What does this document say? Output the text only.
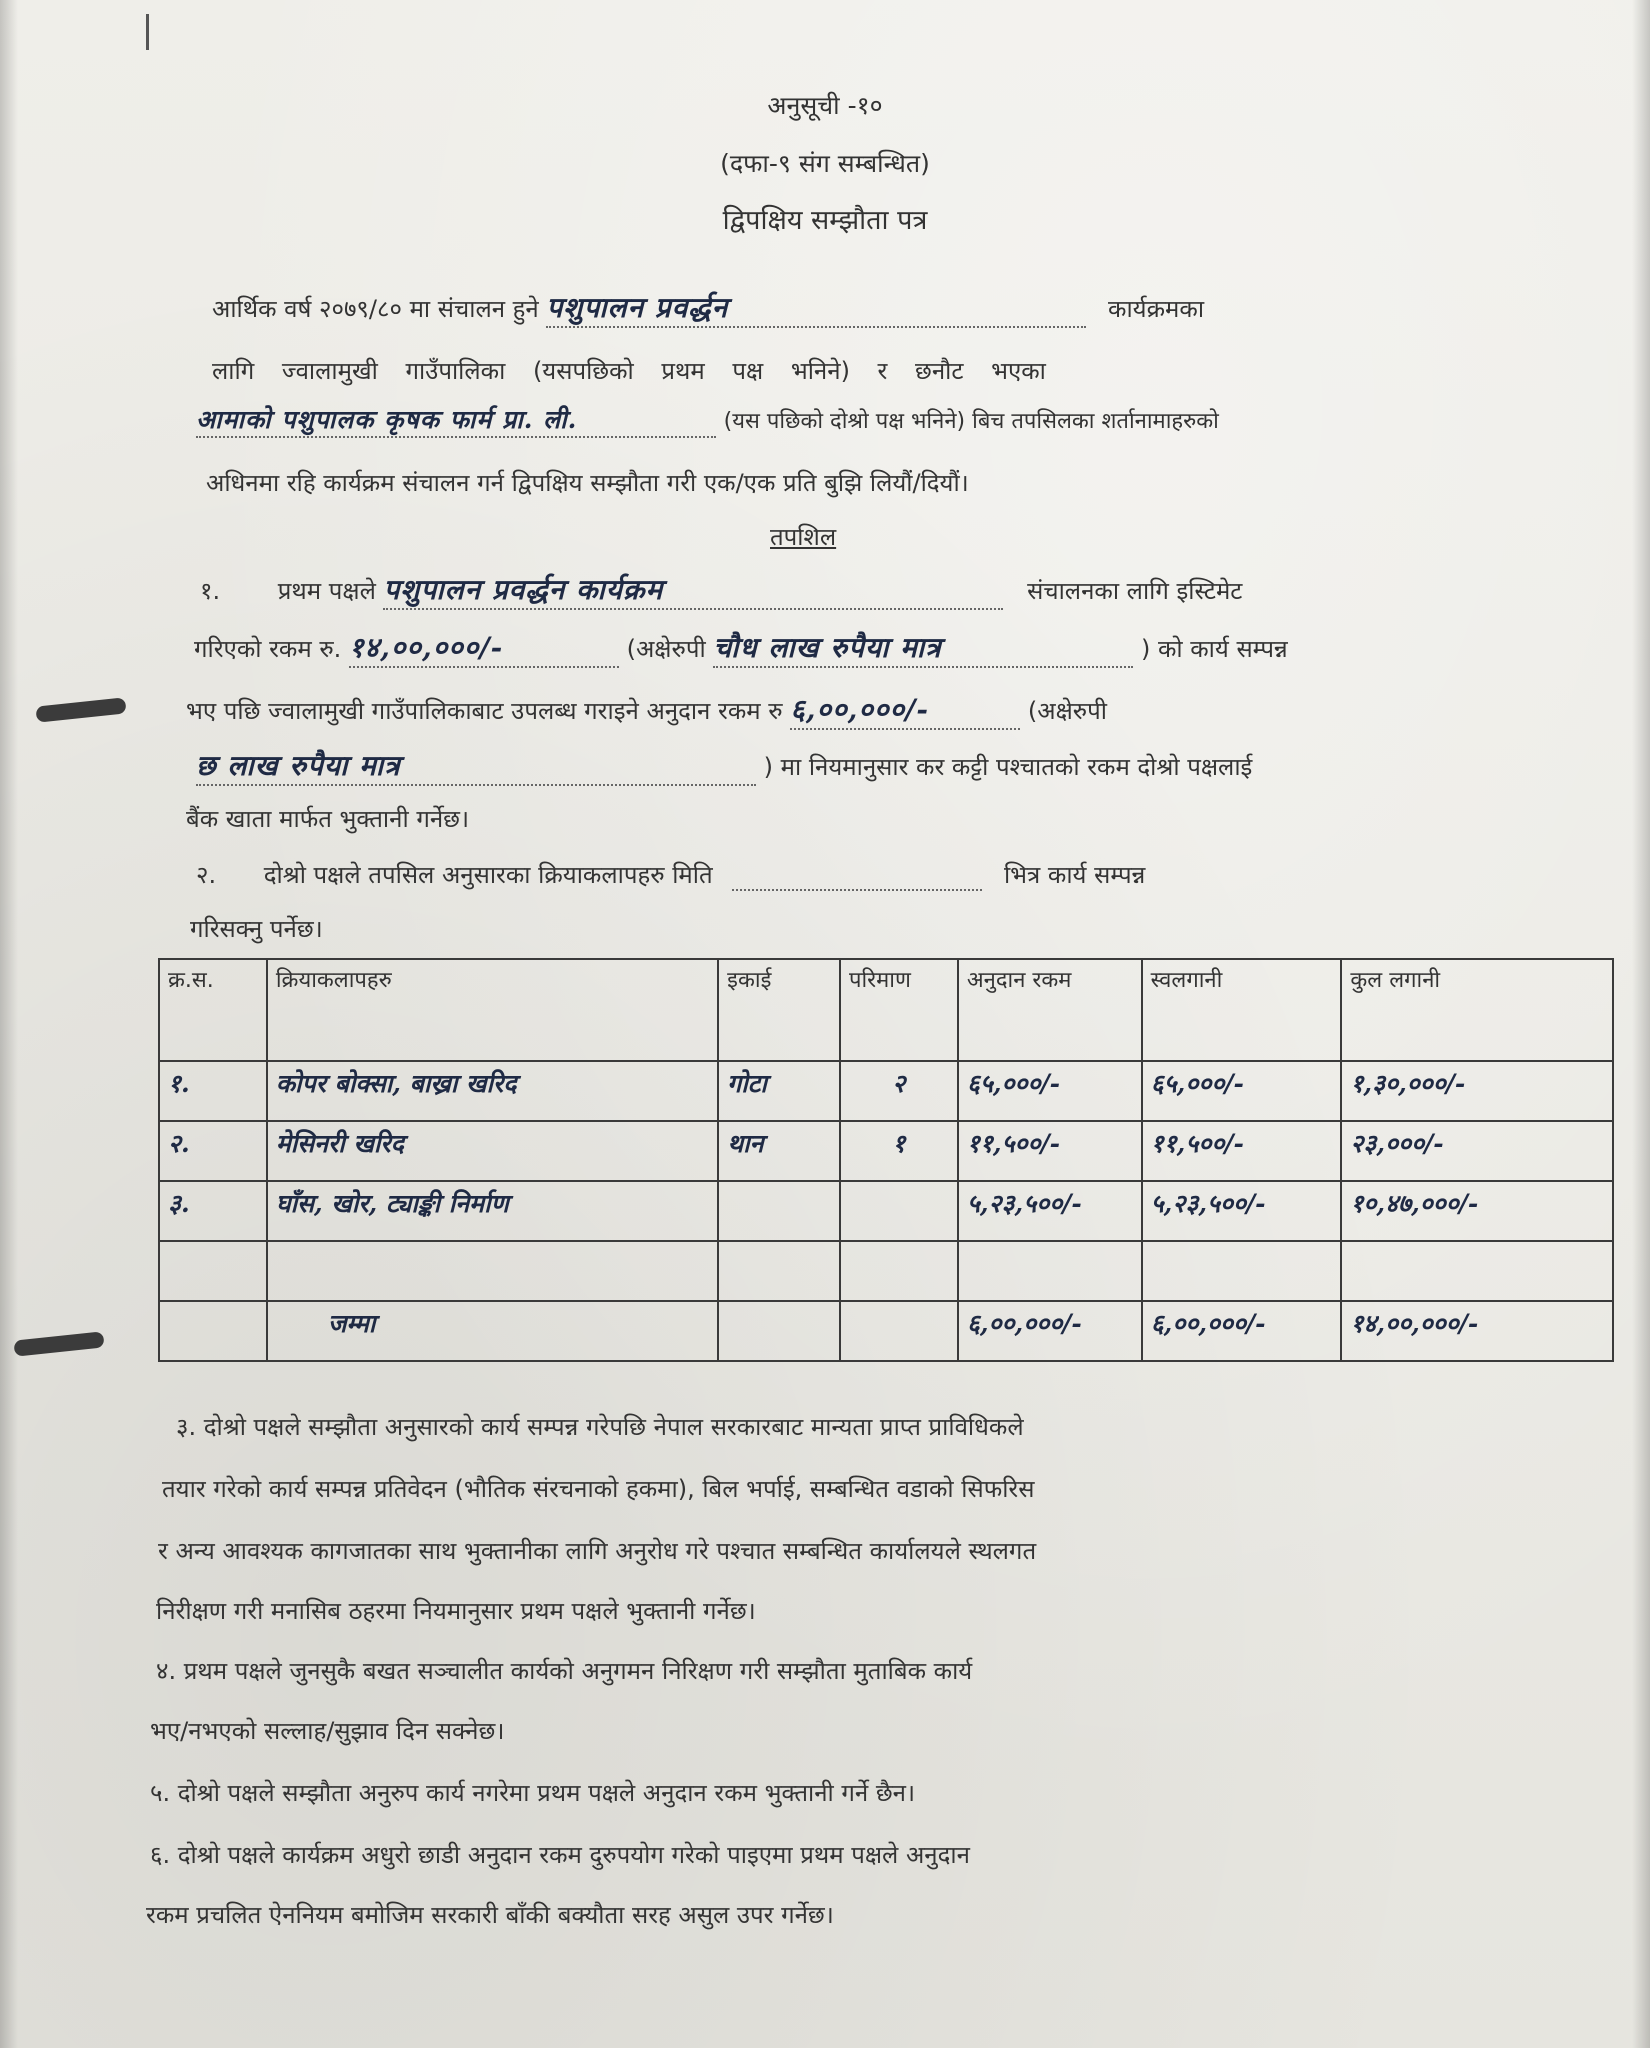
अनुसूची -१०
(दफा-९ संग सम्बन्धित)
द्विपक्षिय सम्झौता पत्र
आर्थिक वर्ष २०७९/८० मा संचालन हुने पशुपालन प्रवर्द्धन	कार्यक्रमका
लागि ज्वालामुखी गाउँपालिका (यसपछिको प्रथम पक्ष भनिने) र छनौट भएका
आमाको पशुपालक कृषक फार्म प्रा. ली.	(यस पछिको दोश्रो पक्ष भनिने) बिच तपसिलका शर्तानामाहरुको
अधिनमा रहि कार्यक्रम संचालन गर्न द्विपक्षिय सम्झौता गरी एक/एक प्रति बुझि लियौं/दियौं।
तपशिल
१. प्रथम पक्षले पशुपालन प्रवर्द्धन कार्यक्रम	संचालनका लागि इस्टिमेट
गरिएको रकम रु. १४,००,०००/-	(अक्षेरुपी चौध लाख रुपैया मात्र	) को कार्य सम्पन्न
भए पछि ज्वालामुखी गाउँपालिकाबाट उपलब्ध गराइने अनुदान रकम रु ६,००,०००/-	(अक्षेरुपी
छ लाख रुपैया मात्र	) मा नियमानुसार कर कट्टी पश्चातको रकम दोश्रो पक्षलाई
बैंक खाता मार्फत भुक्तानी गर्नेछ।
२. दोश्रो पक्षले तपसिल अनुसारका क्रियाकलापहरु मिति	भित्र कार्य सम्पन्न
गरिसक्नु पर्नेछ।
क्र.स.	क्रियाकलापहरु	इकाई	परिमाण	अनुदान रकम	स्वलगानी	कुल लगानी
१.	कोपर बोक्सा, बाख्रा खरिद	गोटा	२	६५,०००/-	६५,०००/-	१,३०,०००/-
२.	मेसिनरी खरिद	थान	१	११,५००/-	११,५००/-	२३,०००/-
३.	घाँस, खोर, ट्याङ्की निर्माण			५,२३,५००/-	५,२३,५००/-	१०,४७,०००/-

	जम्मा			६,००,०००/-	६,००,०००/-	१४,००,०००/-
३. दोश्रो पक्षले सम्झौता अनुसारको कार्य सम्पन्न गरेपछि नेपाल सरकारबाट मान्यता प्राप्त प्राविधिकले
तयार गरेको कार्य सम्पन्न प्रतिवेदन (भौतिक संरचनाको हकमा), बिल भर्पाई, सम्बन्धित वडाको सिफरिस
र अन्य आवश्यक कागजातका साथ भुक्तानीका लागि अनुरोध गरे पश्चात सम्बन्धित कार्यालयले स्थलगत
निरीक्षण गरी मनासिब ठहरमा नियमानुसार प्रथम पक्षले भुक्तानी गर्नेछ।
४. प्रथम पक्षले जुनसुकै बखत सञ्चालीत कार्यको अनुगमन निरिक्षण गरी सम्झौता मुताबिक कार्य
भए/नभएको सल्लाह/सुझाव दिन सक्नेछ।
५. दोश्रो पक्षले सम्झौता अनुरुप कार्य नगरेमा प्रथम पक्षले अनुदान रकम भुक्तानी गर्ने छैन।
६. दोश्रो पक्षले कार्यक्रम अधुरो छाडी अनुदान रकम दुरुपयोग गरेको पाइएमा प्रथम पक्षले अनुदान
रकम प्रचलित ऐननियम बमोजिम सरकारी बाँकी बक्यौता सरह असुल उपर गर्नेछ।
